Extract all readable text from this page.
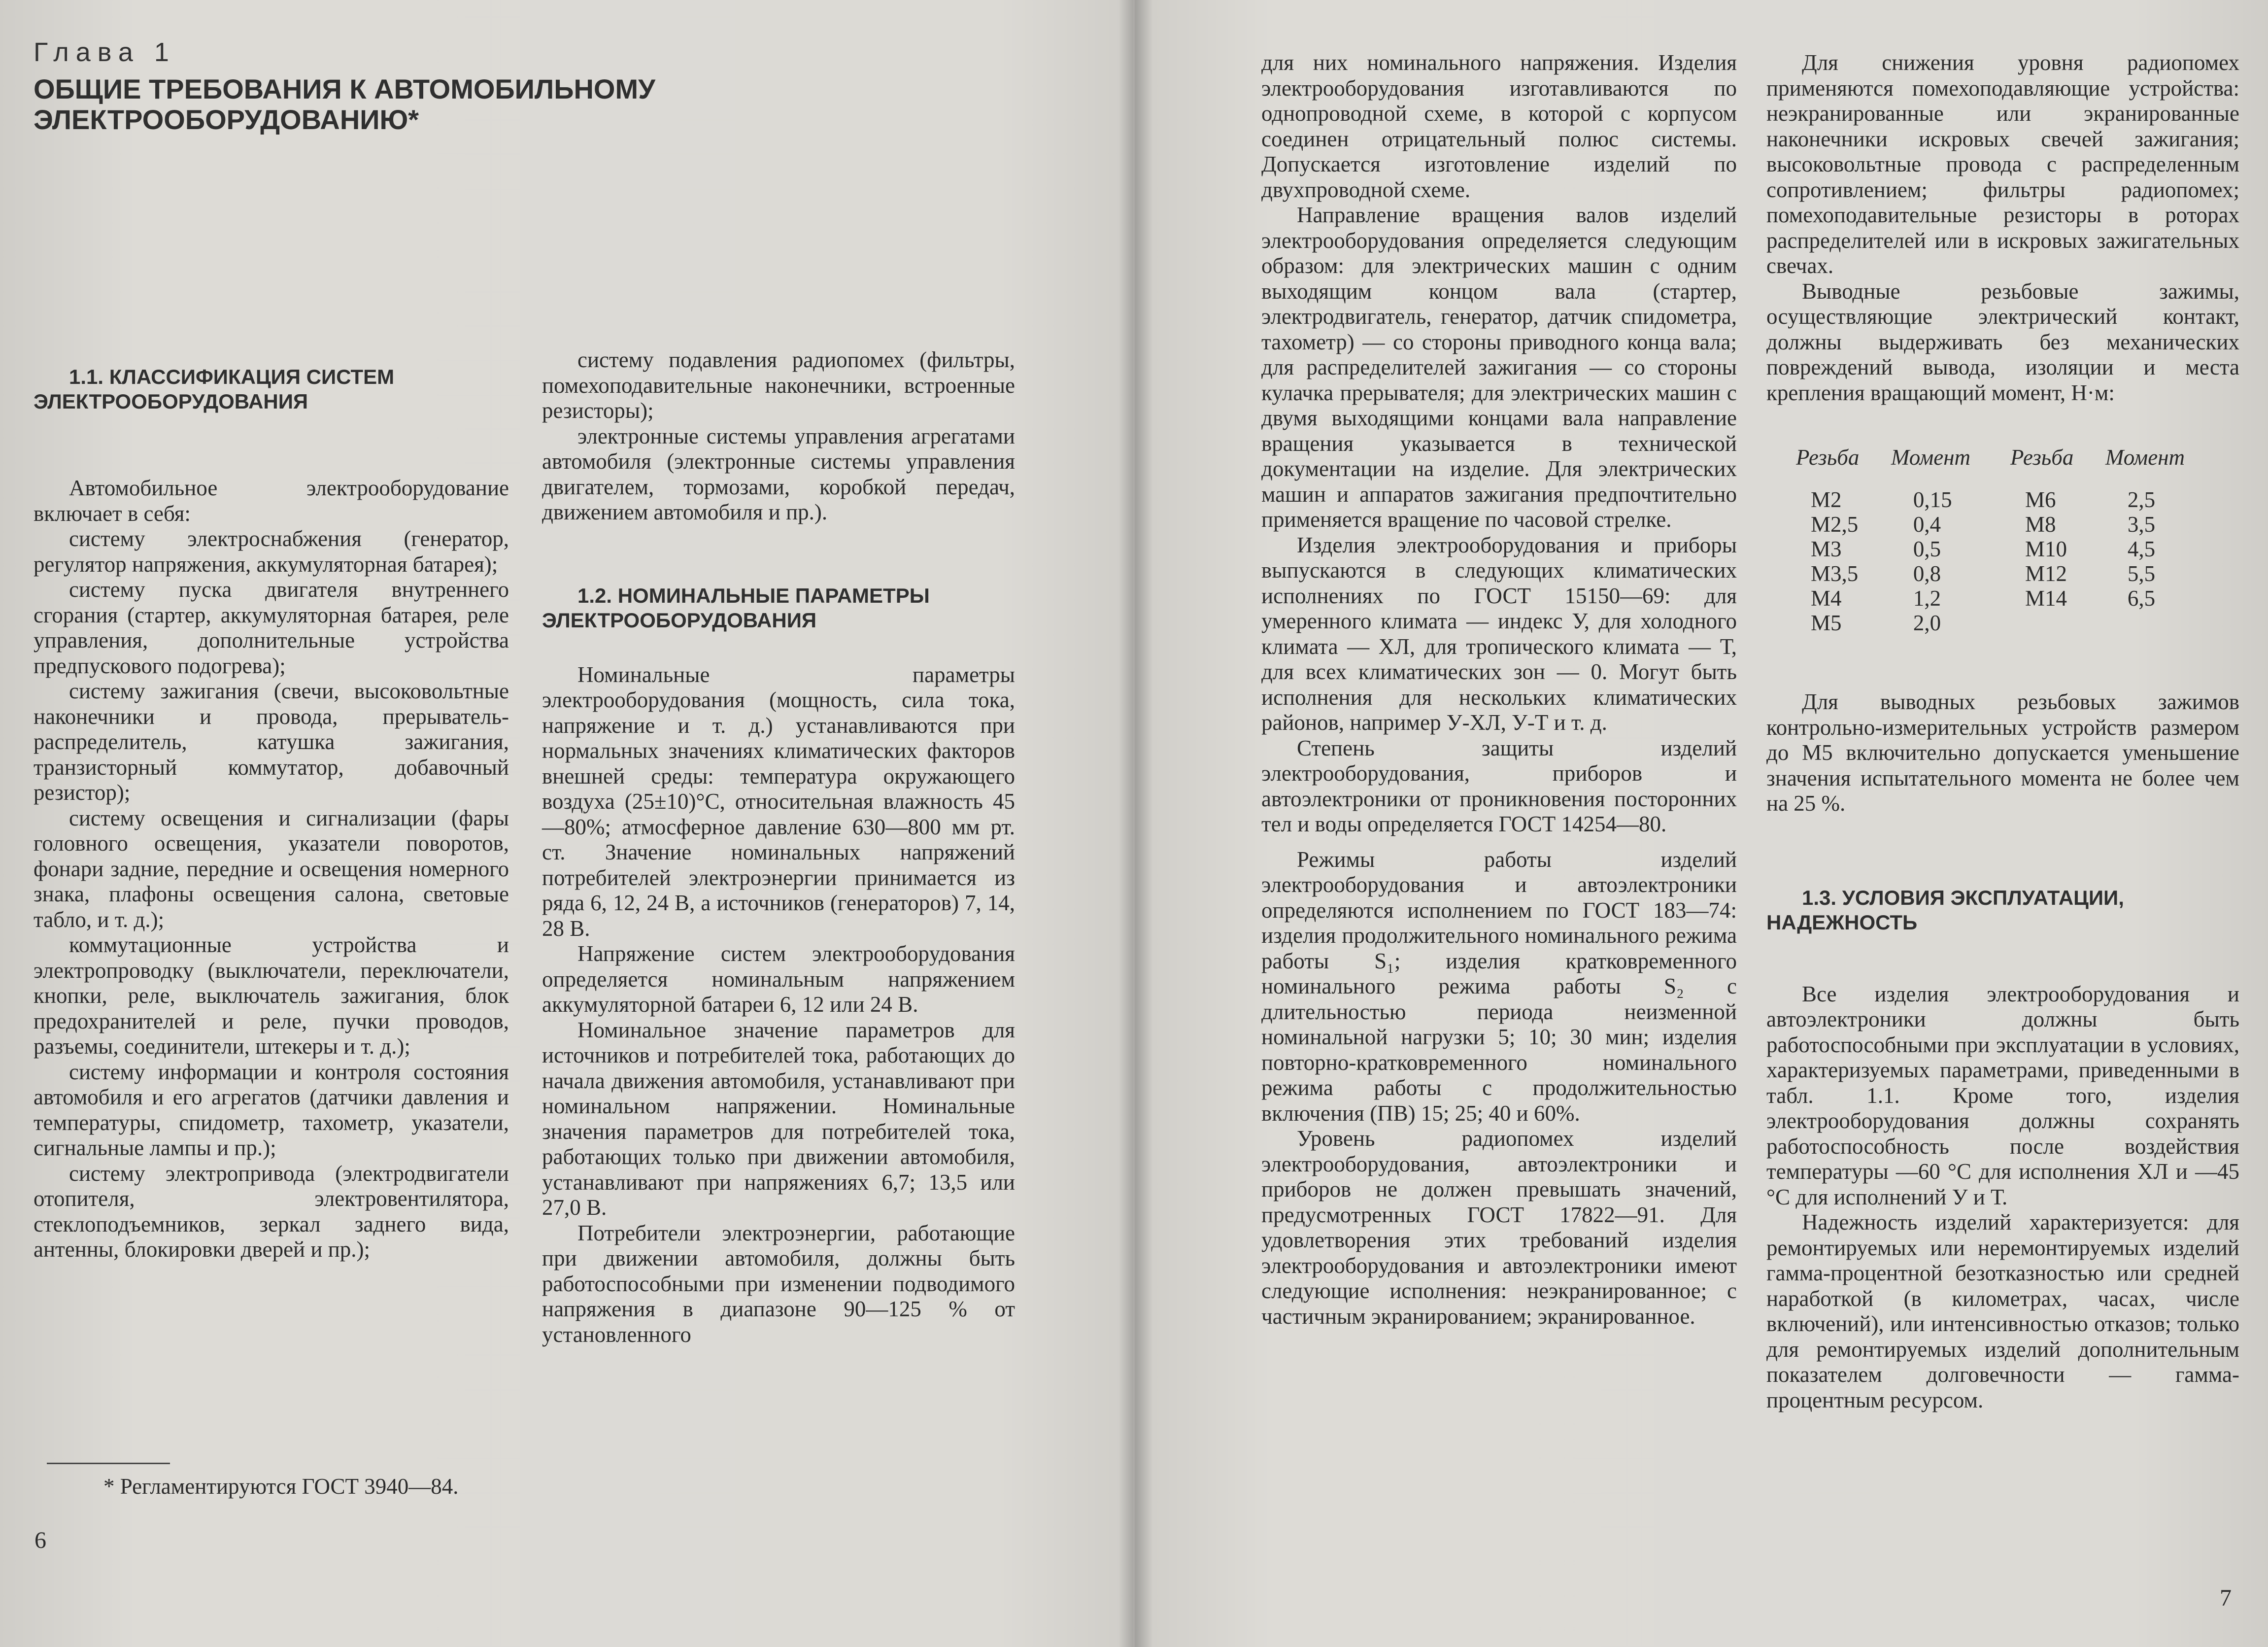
Глава 1
ОБЩИЕ ТРЕБОВАНИЯ К АВТОМОБИЛЬНОМУ ЭЛЕКТРООБОРУДОВАНИЮ*

1.1. КЛАССИФИКАЦИЯ СИСТЕМ ЭЛЕКТРООБОРУДОВАНИЯ

Автомобильное электрооборудование включает в себя:

систему электроснабжения (генератор, регулятор напряжения, аккумуляторная батарея);

систему пуска двигателя внутреннего сгорания (стартер, аккумуляторная батарея, реле управления, дополнительные устройства предпускового подогрева);

систему зажигания (свечи, высоковольтные наконечники и провода, прерыватель-распределитель, катушка зажигания, транзисторный коммутатор, добавочный резистор);

систему освещения и сигнализации (фары головного освещения, указатели поворотов, фонари задние, передние и освещения номерного знака, плафоны освещения салона, световые табло, и т. д.);

коммутационные устройства и электропроводку (выключатели, переключатели, кнопки, реле, выключатель зажигания, блок предохранителей и реле, пучки проводов, разъемы, соединители, штекеры и т. д.);

систему информации и контроля состояния автомобиля и его агрегатов (датчики давления и температуры, спидометр, тахометр, указатели, сигнальные лампы и пр.);

систему электропривода (электродвигатели отопителя, электровентилятора, стеклоподъемников, зеркал заднего вида, антенны, блокировки дверей и пр.);

систему подавления радиопомех (фильтры, помехоподавительные наконечники, встроенные резисторы);

электронные системы управления агрегатами автомобиля (электронные системы управления двигателем, тормозами, коробкой передач, движением автомобиля и пр.).

1.2. НОМИНАЛЬНЫЕ ПАРАМЕТРЫ ЭЛЕКТРООБОРУДОВАНИЯ

Номинальные параметры электрооборудования (мощность, сила тока, напряжение и т. д.) устанавливаются при нормальных значениях климатических факторов внешней среды: температура окружающего воздуха (25±10)°С, относительная влажность 45—80%; атмосферное давление 630—800 мм рт. ст. Значение номинальных напряжений потребителей электроэнергии принимается из ряда 6, 12, 24 В, а источников (генераторов) 7, 14, 28 В.

Напряжение систем электрооборудования определяется номинальным напряжением аккумуляторной батареи 6, 12 или 24 В.

Номинальное значение параметров для источников и потребителей тока, работающих до начала движения автомобиля, устанавливают при номинальном напряжении. Номинальные значения параметров для потребителей тока, работающих только при движении автомобиля, устанавливают при напряжениях 6,7; 13,5 или 27,0 В.

Потребители электроэнергии, работающие при движении автомобиля, должны быть работоспособными при изменении подводимого напряжения в диапазоне 90—125 % от установленного

* Регламентируются ГОСТ 3940—84.
6

для них номинального напряжения. Изделия электрооборудования изготавливаются по однопроводной схеме, в которой с корпусом соединен отрицательный полюс системы. Допускается изготовление изделий по двухпроводной схеме.

Направление вращения валов изделий электрооборудования определяется следующим образом: для электрических машин с одним выходящим концом вала (стартер, электродвигатель, генератор, датчик спидометра, тахометр) — со стороны приводного конца вала; для распределителей зажигания — со стороны кулачка прерывателя; для электрических машин с двумя выходящими концами вала направление вращения указывается в технической документации на изделие. Для электрических машин и аппаратов зажигания предпочтительно применяется вращение по часовой стрелке.

Изделия электрооборудования и приборы выпускаются в следующих климатических исполнениях по ГОСТ 15150—69: для умеренного климата — индекс У, для холодного климата — ХЛ, для тропического климата — Т, для всех климатических зон — 0. Могут быть исполнения для нескольких климатических районов, например У-ХЛ, У-Т и т. д.

Степень защиты изделий электрооборудования, приборов и автоэлектроники от проникновения посторонних тел и воды определяется ГОСТ 14254—80.

Режимы работы изделий электрооборудования и автоэлектроники определяются исполнением по ГОСТ 183—74: изделия продолжительного номинального режима работы S₁; изделия кратковременного номинального режима работы S₂ с длительностью периода неизменной номинальной нагрузки 5; 10; 30 мин; изделия повторно-кратковременного номинального режима работы с продолжительностью включения (ПВ) 15; 25; 40 и 60%.

Уровень радиопомех изделий электрооборудования, автоэлектроники и приборов не должен превышать значений, предусмотренных ГОСТ 17822—91. Для удовлетворения этих требований изделия электрооборудования и автоэлектроники имеют следующие исполнения: неэкранированное; с частичным экранированием; экранированное.

Для снижения уровня радиопомех применяются помехоподавляющие устройства: неэкранированные или экранированные наконечники искровых свечей зажигания; высоковольтные провода с распределенным сопротивлением; фильтры радиопомех; помехоподавительные резисторы в роторах распределителей или в искровых зажигательных свечах.

Выводные резьбовые зажимы, осуществляющие электрический контакт, должны выдерживать без механических повреждений вывода, изоляции и места крепления вращающий момент, Н·м:

Резьба	Момент	Резьба	Момент
М2	0,15	М6	2,5
М2,5	0,4	М8	3,5
М3	0,5	М10	4,5
М3,5	0,8	М12	5,5
М4	1,2	М14	6,5
М5	2,0		

Для выводных резьбовых зажимов контрольно-измерительных устройств размером до М5 включительно допускается уменьшение значения испытательного момента не более чем на 25 %.

1.3. УСЛОВИЯ ЭКСПЛУАТАЦИИ, НАДЕЖНОСТЬ

Все изделия электрооборудования и автоэлектроники должны быть работоспособными при эксплуатации в условиях, характеризуемых параметрами, приведенными в табл. 1.1. Кроме того, изделия электрооборудования должны сохранять работоспособность после воздействия температуры —60 °С для исполнения ХЛ и —45 °С для исполнений У и Т.

Надежность изделий характеризуется: для ремонтируемых или неремонтируемых изделий гамма-процентной безотказностью или средней наработкой (в километрах, часах, числе включений), или интенсивностью отказов; только для ремонтируемых изделий дополнительным показателем долговечности — гамма-процентным ресурсом.

7
